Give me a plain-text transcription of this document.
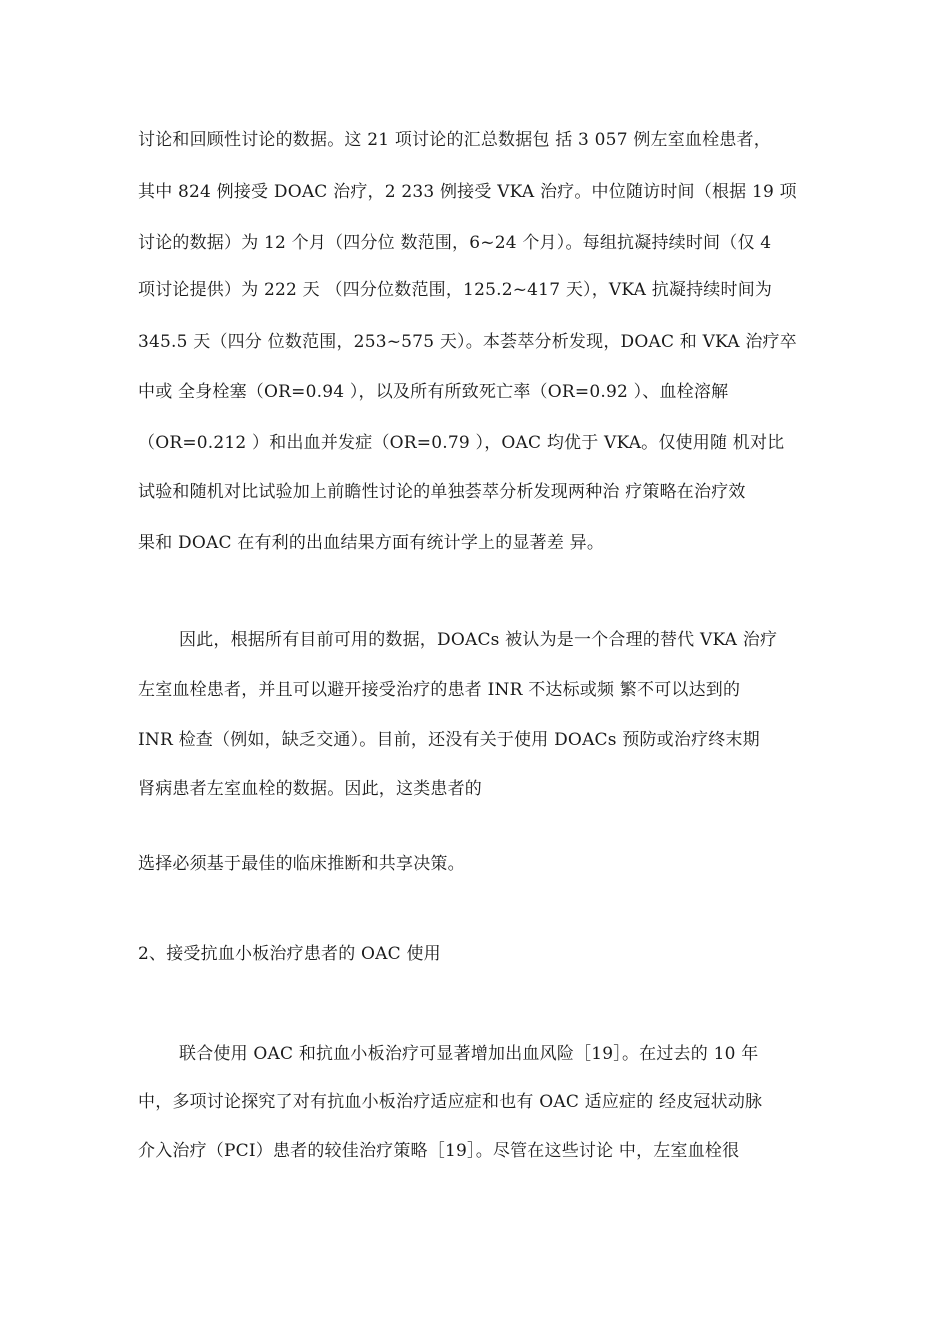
讨论和回顾性讨论的数据。这 21 项讨论的汇总数据包 括 3 057 例左室血栓患者，
其中 824 例接受 DOAC 治疗，2 233 例接受 VKA 治疗。中位随访时间（根据 19 项
讨论的数据）为 12 个月（四分位 数范围，6~24 个月）。每组抗凝持续时间（仅 4
项讨论提供）为 222 天 （四分位数范围，125.2~417 天），VKA 抗凝持续时间为
345.5 天（四分 位数范围，253~575 天）。本荟萃分析发现，DOAC 和 VKA 治疗卒
中或 全身栓塞（OR=0.94 ），以及所有所致死亡率（OR=0.92 ）、血栓溶解
（OR=0.212 ）和出血并发症（OR=0.79 ），OAC 均优于 VKA。仅使用随 机对比
试验和随机对比试验加上前瞻性讨论的单独荟萃分析发现两种治 疗策略在治疗效
果和 DOAC 在有利的出血结果方面有统计学上的显著差 异。
因此，根据所有目前可用的数据，DOACs 被认为是一个合理的替代 VKA 治疗
左室血栓患者，并且可以避开接受治疗的患者 INR 不达标或频 繁不可以达到的
INR 检查（例如，缺乏交通）。目前，还没有关于使用 DOACs 预防或治疗终末期
肾病患者左室血栓的数据。因此，这类患者的
选择必须基于最佳的临床推断和共享决策。
2、接受抗血小板治疗患者的 OAC 使用
联合使用 OAC 和抗血小板治疗可显著增加出血风险［19］。在过去的 10 年
中，多项讨论探究了对有抗血小板治疗适应症和也有 OAC 适应症的 经皮冠状动脉
介入治疗（PCI）患者的较佳治疗策略［19］。尽管在这些讨论 中，左室血栓很
